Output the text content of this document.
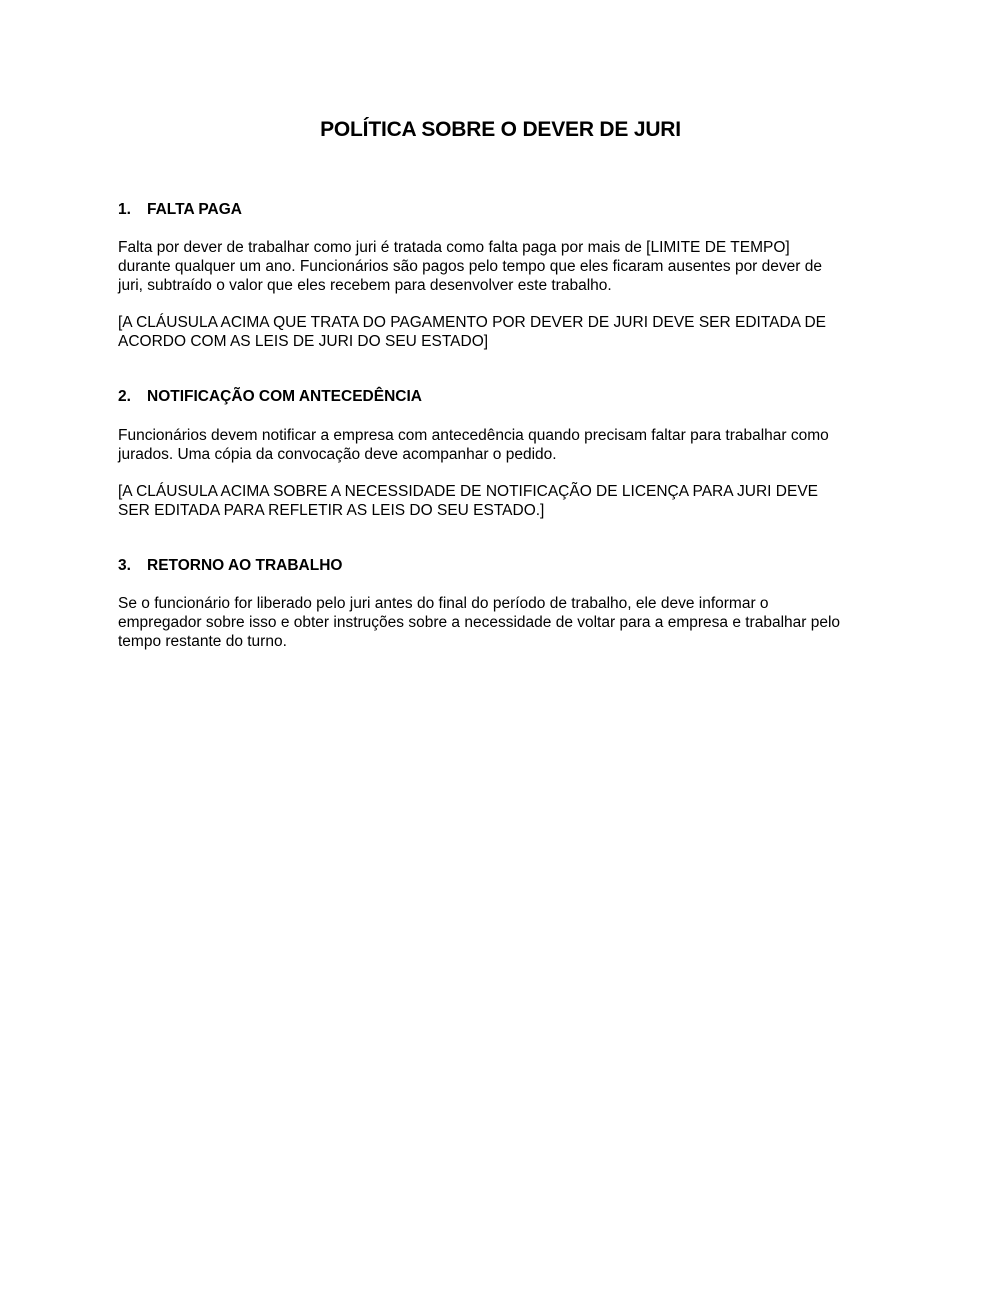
POLÍTICA SOBRE O DEVER DE JURI
1. FALTA PAGA
Falta por dever de trabalhar como juri é tratada como falta paga por mais de [LIMITE DE TEMPO]
durante qualquer um ano. Funcionários são pagos pelo tempo que eles ficaram ausentes por dever de
juri, subtraído o valor que eles recebem para desenvolver este trabalho.
[A CLÁUSULA ACIMA QUE TRATA DO PAGAMENTO POR DEVER DE JURI DEVE SER EDITADA DE
ACORDO COM AS LEIS DE JURI DO SEU ESTADO]
2. NOTIFICAÇÃO COM ANTECEDÊNCIA
Funcionários devem notificar a empresa com antecedência quando precisam faltar para trabalhar como
jurados. Uma cópia da convocação deve acompanhar o pedido.
[A CLÁUSULA ACIMA SOBRE A NECESSIDADE DE NOTIFICAÇÃO DE LICENÇA PARA JURI DEVE
SER EDITADA PARA REFLETIR AS LEIS DO SEU ESTADO.]
3. RETORNO AO TRABALHO
Se o funcionário for liberado pelo juri antes do final do período de trabalho, ele deve informar o
empregador sobre isso e obter instruções sobre a necessidade de voltar para a empresa e trabalhar pelo
tempo restante do turno.
